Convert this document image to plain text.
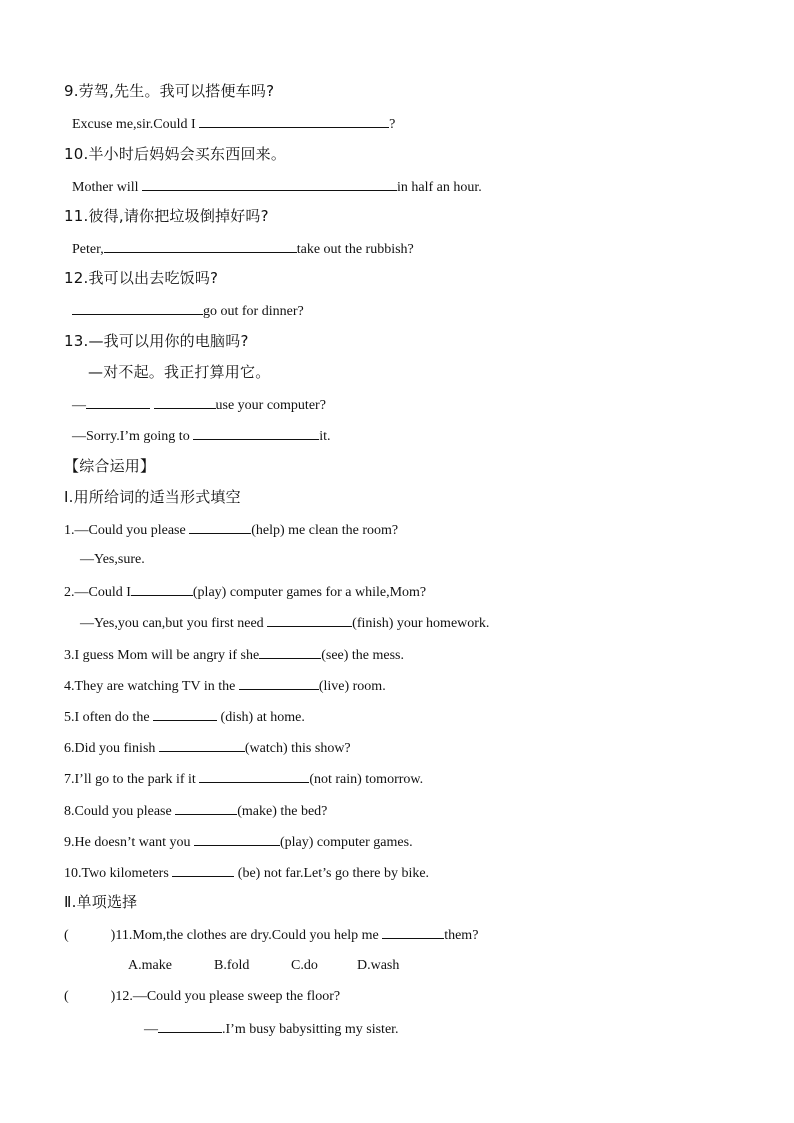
9.劳驾,先生。我可以搭便车吗?
Excuse me,sir.Could I	?
10.半小时后妈妈会买东西回来。
Mother will	in half an hour.
11.彼得,请你把垃圾倒掉好吗?
Peter,	take out the rubbish?
12.我可以出去吃饭吗?
go out for dinner?
13.—我可以用你的电脑吗?
—对不起。我正打算用它。
—	use your computer?
—Sorry.I’m going to	it.
【综合运用】
Ⅰ.用所给词的适当形式填空
1.—Could you please	(help) me clean the room?
—Yes,sure.
2.—Could I	(play) computer games for a while,Mom?
—Yes,you can,but you first need	(finish) your homework.
3.I guess Mom will be angry if she	(see) the mess.
4.They are watching TV in the	(live) room.
5.I often do the	(dish) at home.
6.Did you finish	(watch) this show?
7.I’ll go to the park if it	(not rain) tomorrow.
8.Could you please	(make) the bed?
9.He doesn’t want you	(play) computer games.
10.Two kilometers	(be) not far.Let’s go there by bike.
Ⅱ.单项选择
(	)11.Mom,the clothes are dry.Could you help me	them?
A.make	B.fold	C.do	D.wash
(	)12.—Could you please sweep the floor?
—	.I’m busy babysitting my sister.
